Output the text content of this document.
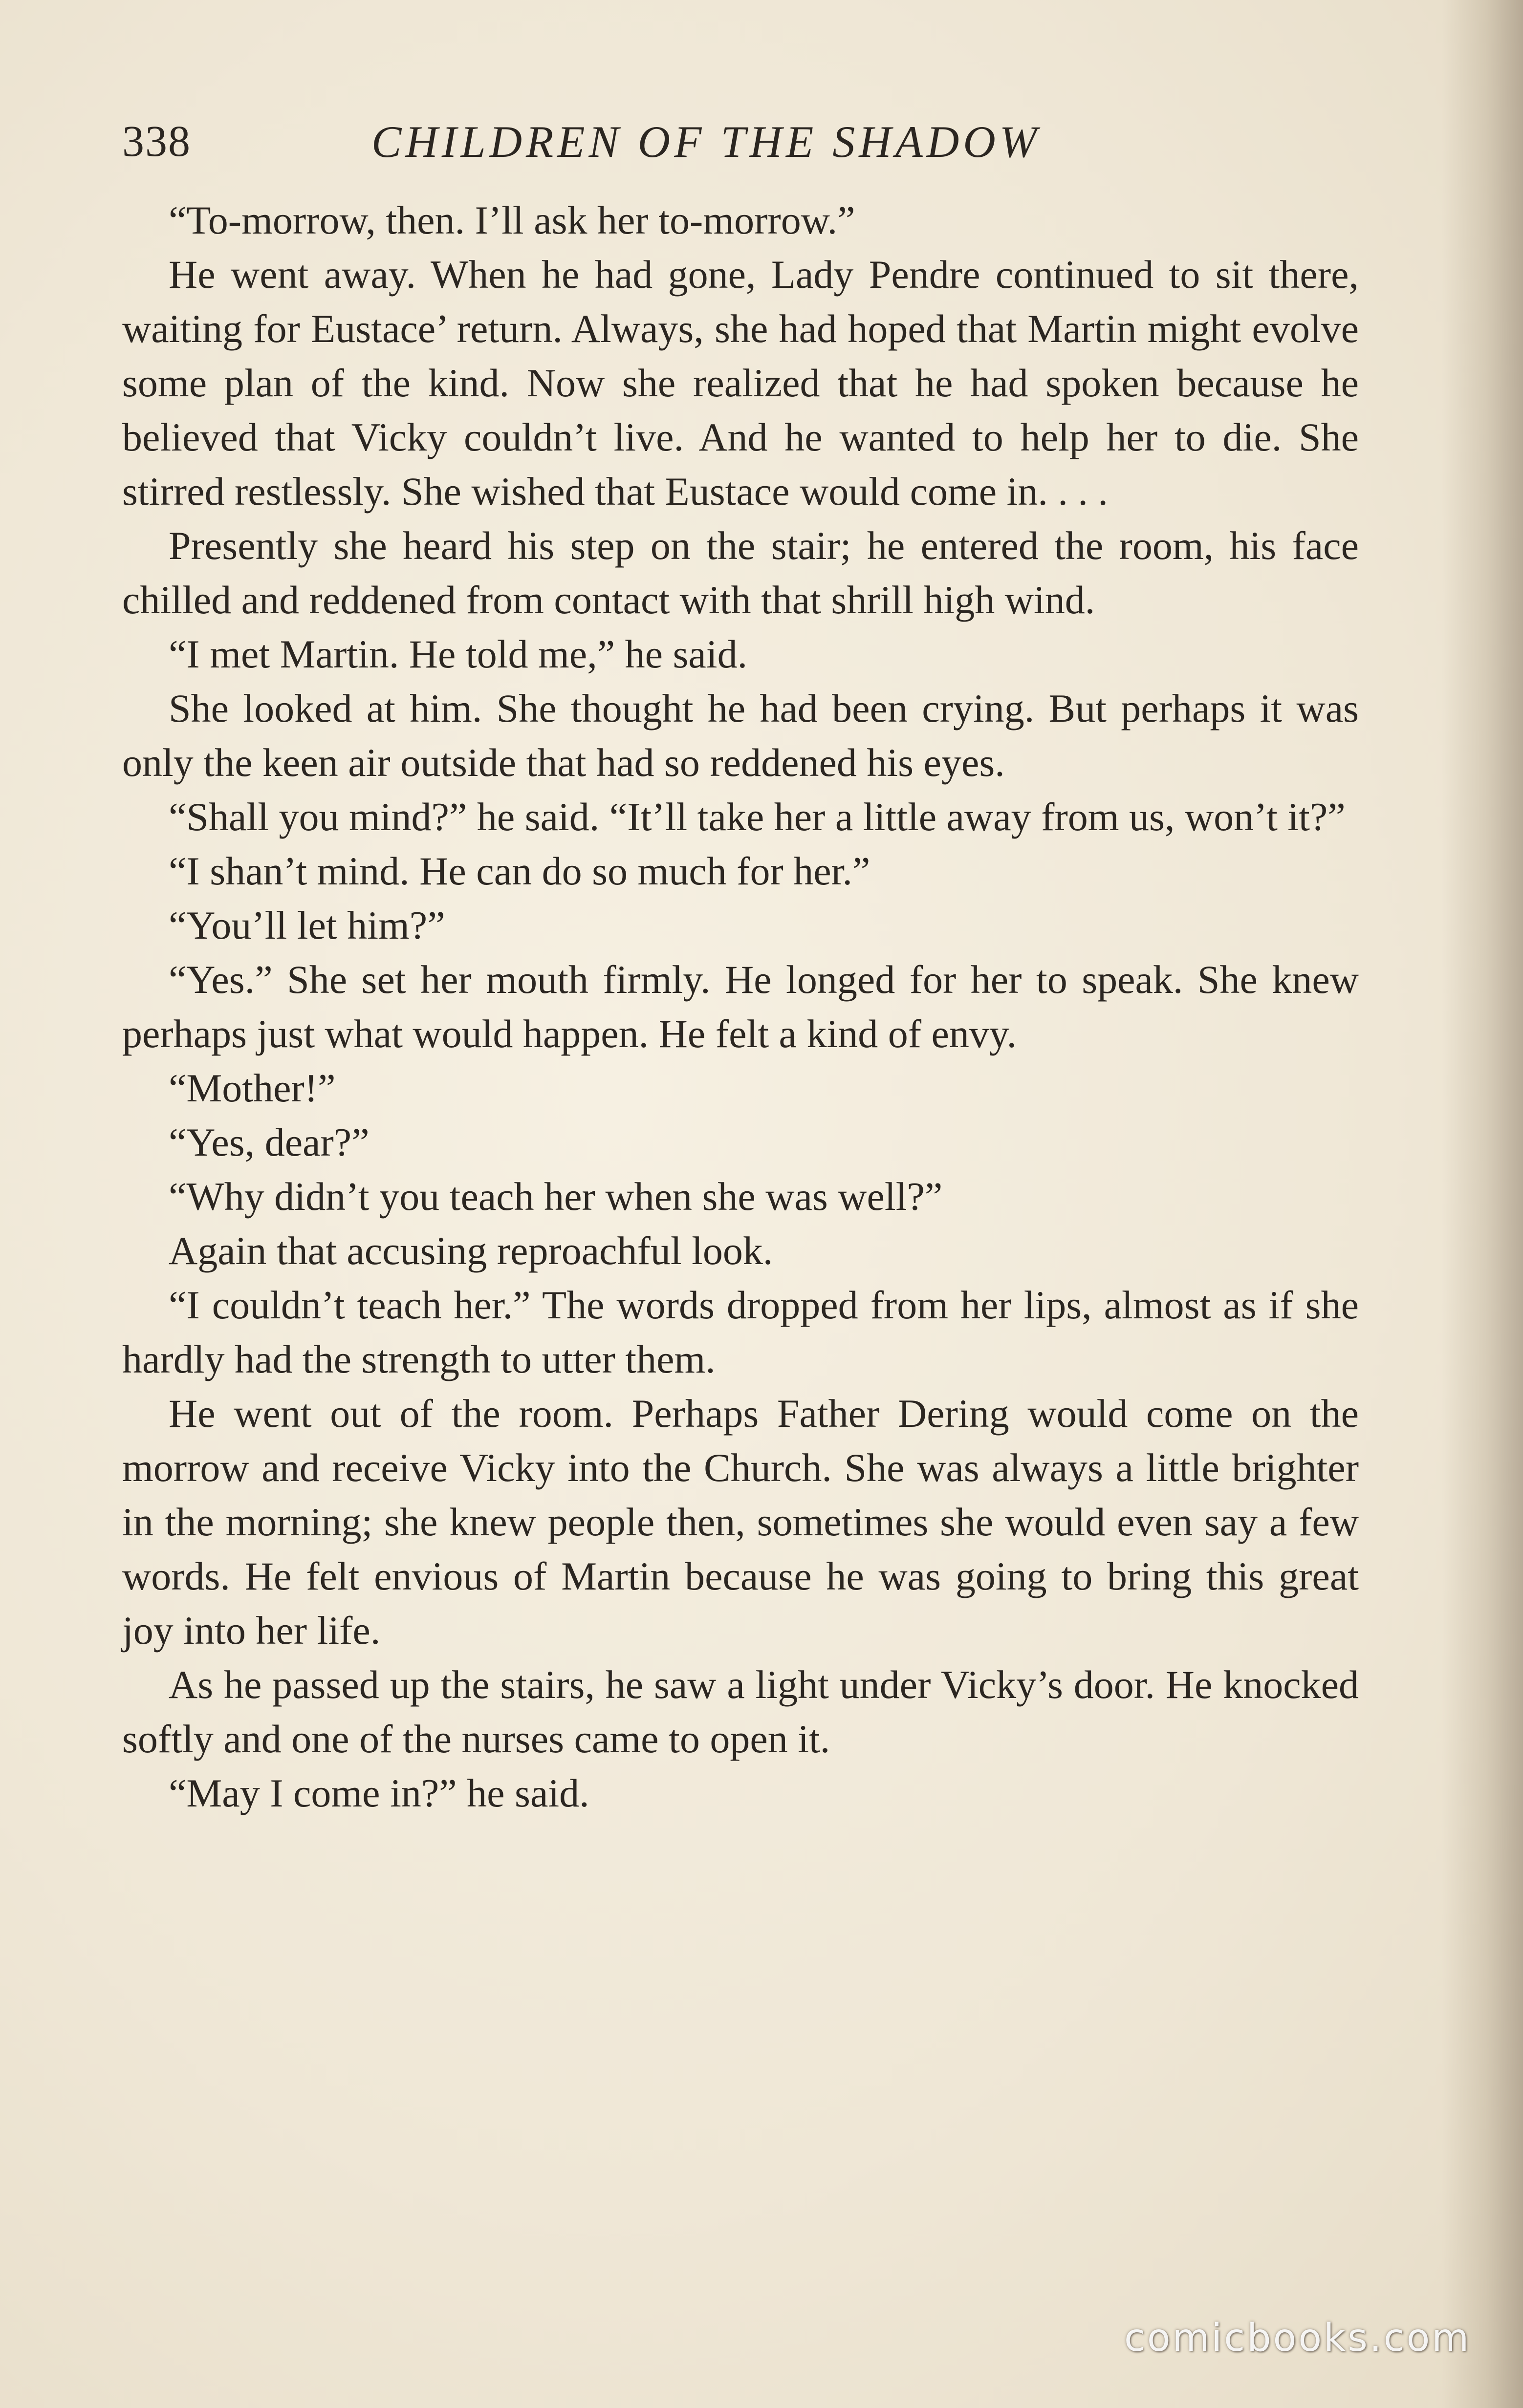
338	CHILDREN OF THE SHADOW

“To-morrow, then. I’ll ask her to-morrow.”

He went away. When he had gone, Lady Pendre continued to sit there, waiting for Eustace’ return. Always, she had hoped that Martin might evolve some plan of the kind. Now she realized that he had spoken because he believed that Vicky couldn’t live. And he wanted to help her to die. She stirred restlessly. She wished that Eustace would come in. . . .

Presently she heard his step on the stair; he entered the room, his face chilled and reddened from contact with that shrill high wind.

“I met Martin. He told me,” he said.

She looked at him. She thought he had been crying. But perhaps it was only the keen air outside that had so reddened his eyes.

“Shall you mind?” he said. “It’ll take her a little away from us, won’t it?”

“I shan’t mind. He can do so much for her.”

“You’ll let him?”

“Yes.” She set her mouth firmly. He longed for her to speak. She knew perhaps just what would happen. He felt a kind of envy.

“Mother!”

“Yes, dear?”

“Why didn’t you teach her when she was well?”

Again that accusing reproachful look.

“I couldn’t teach her.” The words dropped from her lips, almost as if she hardly had the strength to utter them.

He went out of the room. Perhaps Father Dering would come on the morrow and receive Vicky into the Church. She was always a little brighter in the morning; she knew people then, sometimes she would even say a few words. He felt envious of Martin because he was going to bring this great joy into her life.

As he passed up the stairs, he saw a light under Vicky’s door. He knocked softly and one of the nurses came to open it.

“May I come in?” he said.

comicbooks.com
